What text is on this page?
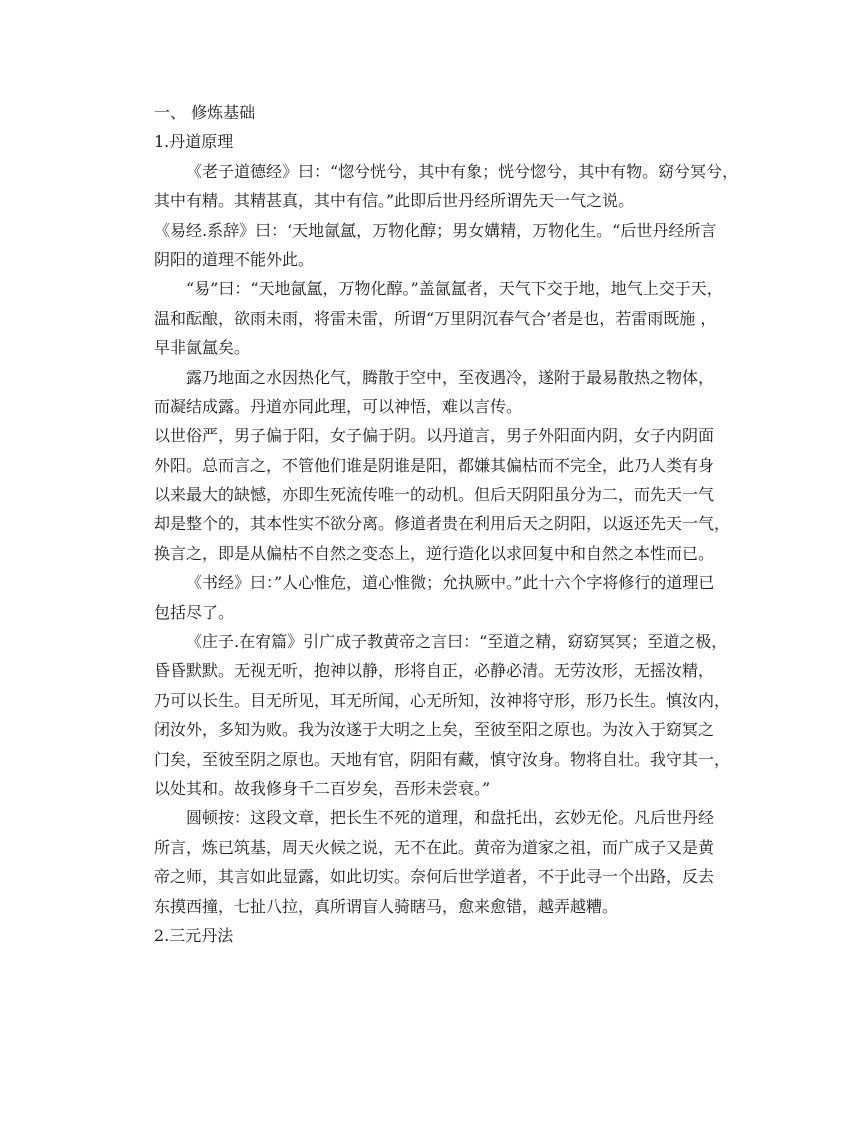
一、 修炼基础
1.丹道原理
《老子道德经》曰：“惚兮恍兮，其中有象；恍兮惚兮，其中有物。窈兮冥兮，
其中有精。其精甚真，其中有信。”此即后世丹经所谓先天一气之说。
《易经.系辞》曰：‘天地氤氲，万物化醇；男女媾精，万物化生。“后世丹经所言
阴阳的道理不能外此。
“易”曰：“天地氤氲，万物化醇。”盖氤氲者，天气下交于地，地气上交于天，
温和酝酿，欲雨未雨，将雷未雷，所谓“万里阴沉春气合’者是也，若雷雨既施 ，
早非氤氲矣。
露乃地面之水因热化气，腾散于空中，至夜遇冷，遂附于最易散热之物体，
而凝结成露。丹道亦同此理，可以神悟，难以言传。
以世俗严，男子偏于阳，女子偏于阴。以丹道言，男子外阳面内阴，女子内阴面
外阳。总而言之，不管他们谁是阴谁是阳，都嫌其偏枯而不完全，此乃人类有身
以来最大的缺憾，亦即生死流传唯一的动机。但后天阴阳虽分为二，而先天一气
却是整个的，其本性实不欲分离。修道者贵在利用后天之阴阳，以返还先天一气，
换言之，即是从偏枯不自然之变态上，逆行造化以求回复中和自然之本性而已。
《书经》曰：”人心惟危，道心惟微；允执厥中。”此十六个字将修行的道理已
包括尽了。
《庄子.在宥篇》引广成子教黄帝之言曰：“至道之精，窈窈冥冥；至道之极，
昏昏默默。无视无听，抱神以静，形将自正，必静必清。无劳汝形，无摇汝精，
乃可以长生。目无所见，耳无所闻，心无所知，汝神将守形，形乃长生。慎汝内，
闭汝外，多知为败。我为汝遂于大明之上矣，至彼至阳之原也。为汝入于窈冥之
门矣，至彼至阴之原也。天地有官，阴阳有藏，慎守汝身。物将自壮。我守其一，
以处其和。故我修身千二百岁矣，吾形未尝衰。”
圆顿按：这段文章，把长生不死的道理，和盘托出，玄妙无伦。凡后世丹经
所言，炼已筑基，周天火候之说，无不在此。黄帝为道家之祖，而广成子又是黄
帝之师，其言如此显露，如此切实。奈何后世学道者，不于此寻一个出路，反去
东摸西撞，七扯八拉，真所谓盲人骑瞎马，愈来愈错，越弄越糟。
2.三元丹法
